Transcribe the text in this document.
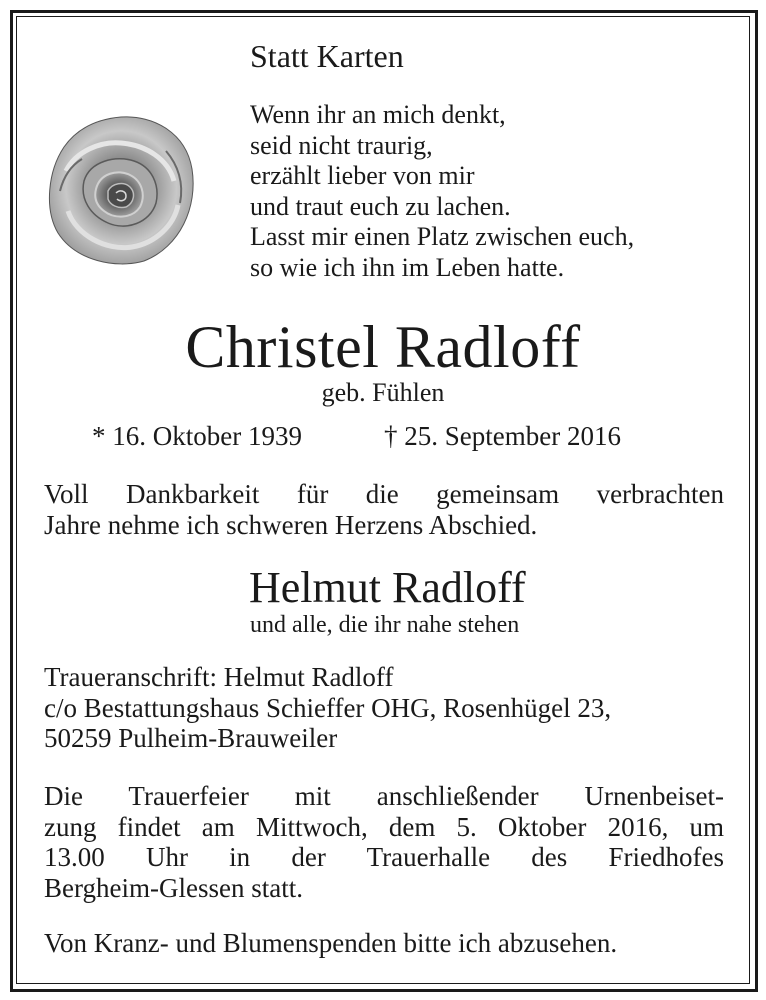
Statt Karten
Wenn ihr an mich denkt,
seid nicht traurig,
erzählt lieber von mir
und traut euch zu lachen.
Lasst mir einen Platz zwischen euch,
so wie ich ihn im Leben hatte.
Christel Radloff
geb. Fühlen
* 16. Oktober 1939	† 25. September 2016
Voll Dankbarkeit für die gemeinsam verbrachten
Jahre nehme ich schweren Herzens Abschied.
Helmut Radloff
und alle, die ihr nahe stehen
Traueranschrift: Helmut Radloff
c/o Bestattungshaus Schieffer OHG, Rosenhügel 23,
50259 Pulheim-Brauweiler
Die Trauerfeier mit anschließender Urnenbeiset-
zung findet am Mittwoch, dem 5. Oktober 2016, um
13.00 Uhr in der Trauerhalle des Friedhofes
Bergheim-Glessen statt.
Von Kranz- und Blumenspenden bitte ich abzusehen.
